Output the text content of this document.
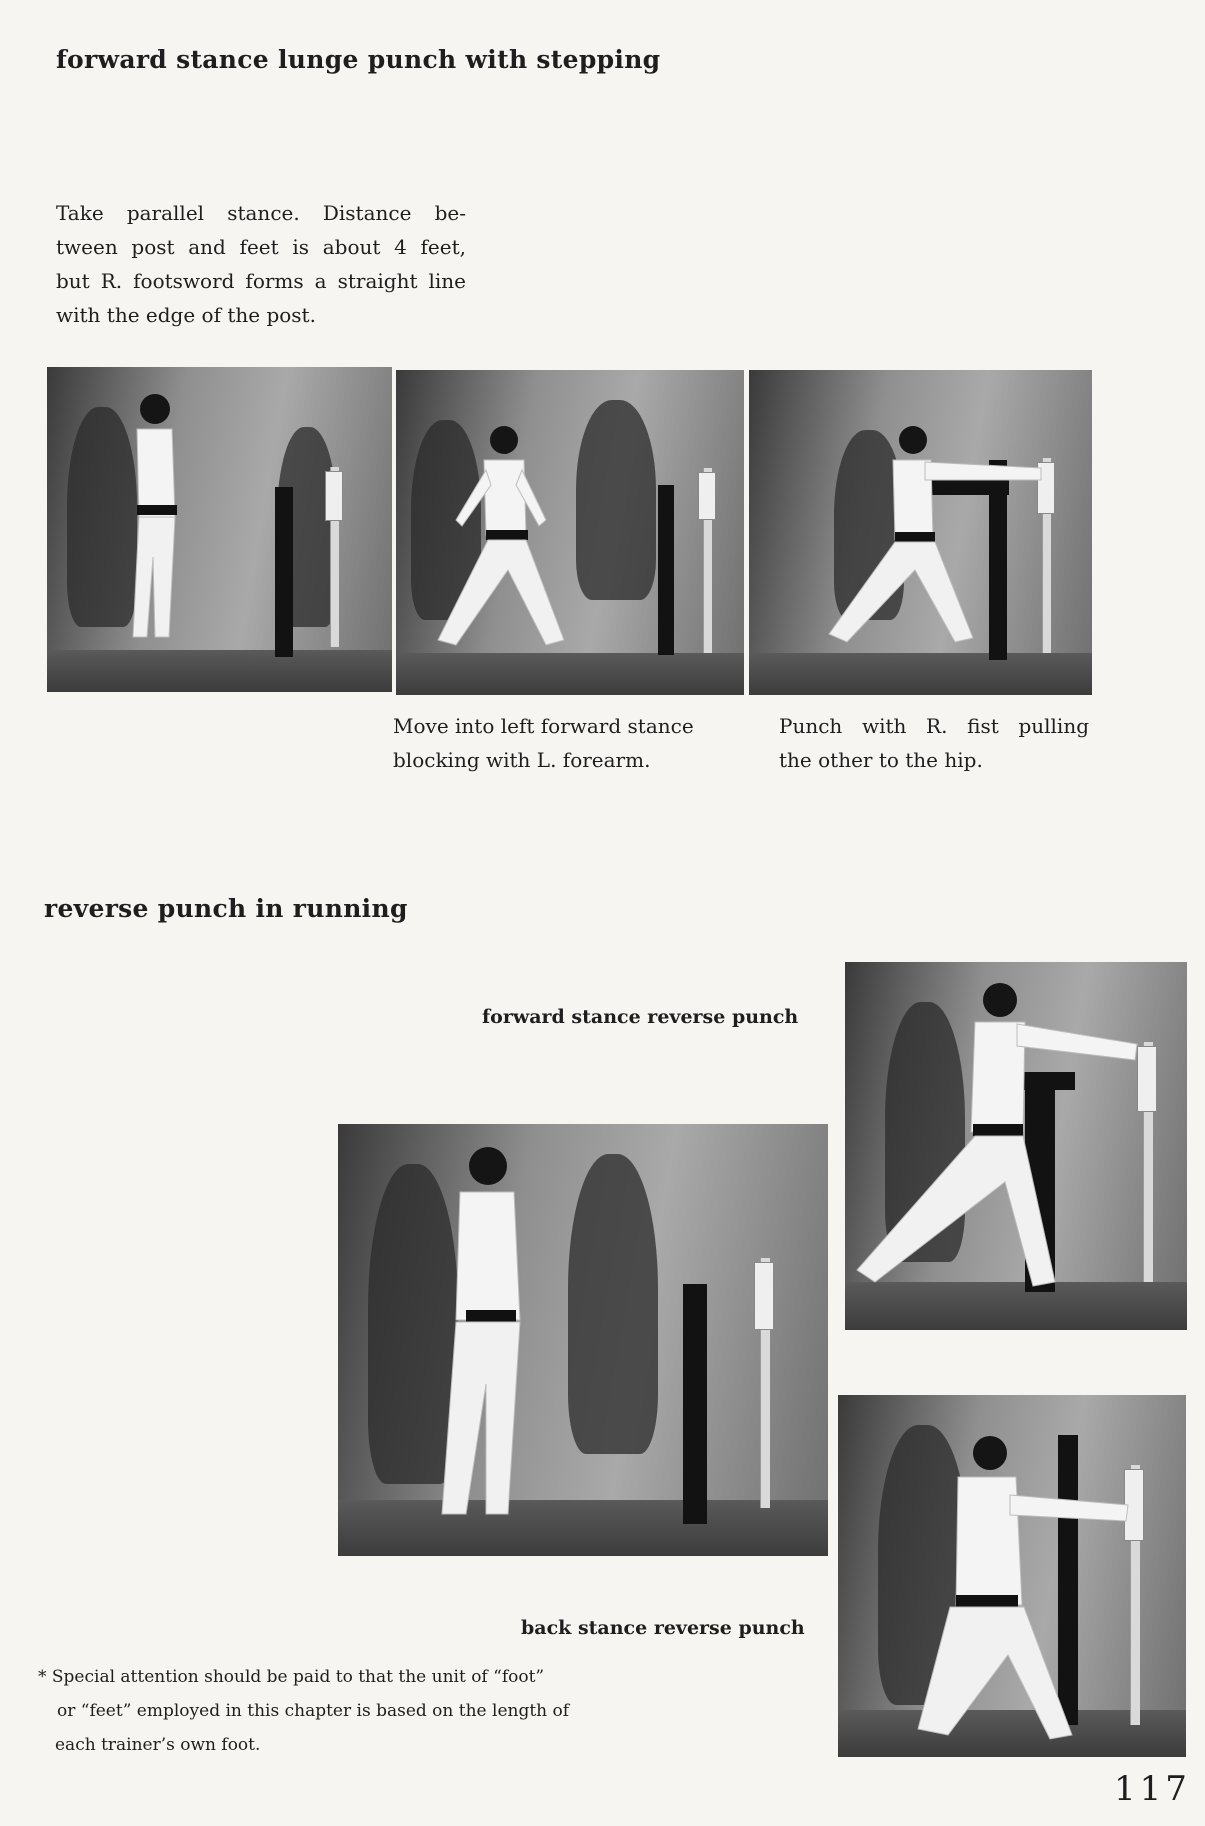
forward stance lunge punch with stepping
Take parallel stance. Distance be-
tween post and feet is about 4 feet,
but R. footsword forms a straight line
with the edge of the post.
Move into left forward stance
blocking with L. forearm.
Punch with R. fist pulling
the other to the hip.
reverse punch in running
forward stance reverse punch
back stance reverse punch
* Special attention should be paid to that the unit of “foot”
or “feet” employed in this chapter is based on the length of
each trainer’s own foot.
117
